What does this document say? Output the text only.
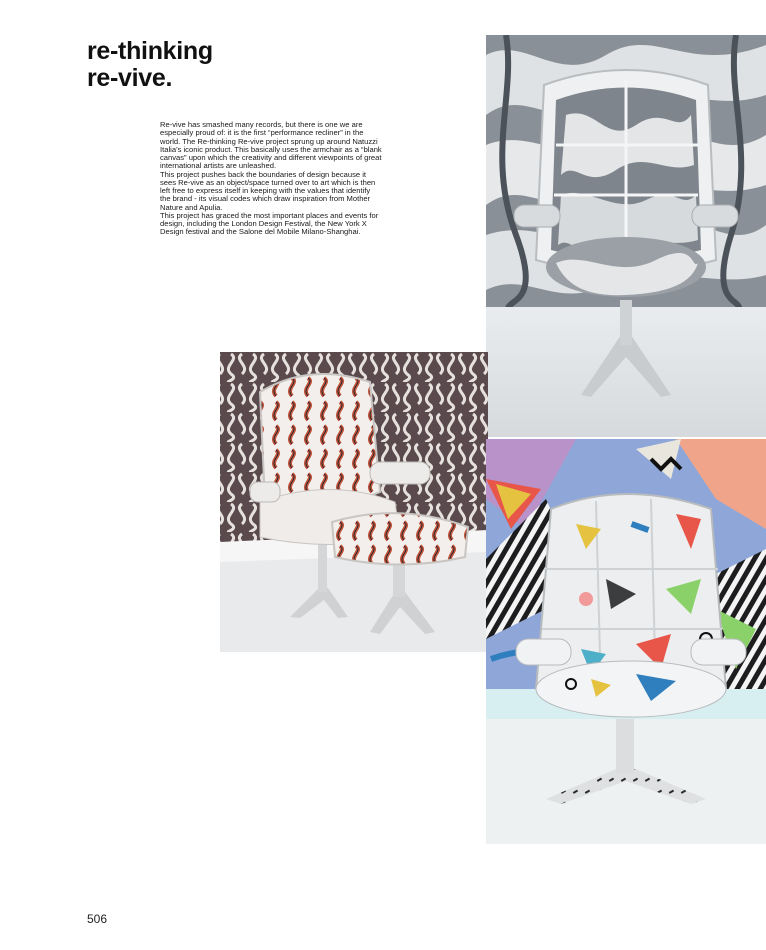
re-thinking
re-vive.

Re-vive has smashed many records, but there is one we are especially proud of: it is the first “performance recliner” in the world. The Re-thinking Re-vive project sprung up around Natuzzi Italia’s iconic product. This basically uses the armchair as a “blank canvas” upon which the creativity and different viewpoints of great international artists are unleashed.

This project pushes back the boundaries of design because it sees Re-vive as an object/space turned over to art which is then left free to express itself in keeping with the values that identify the brand - its visual codes which draw inspiration from Mother Nature and Apulia.

This project has graced the most important places and events for design, including the London Design Festival, the New York X Design festival and the Salone del Mobile Milano-Shanghai.

506
